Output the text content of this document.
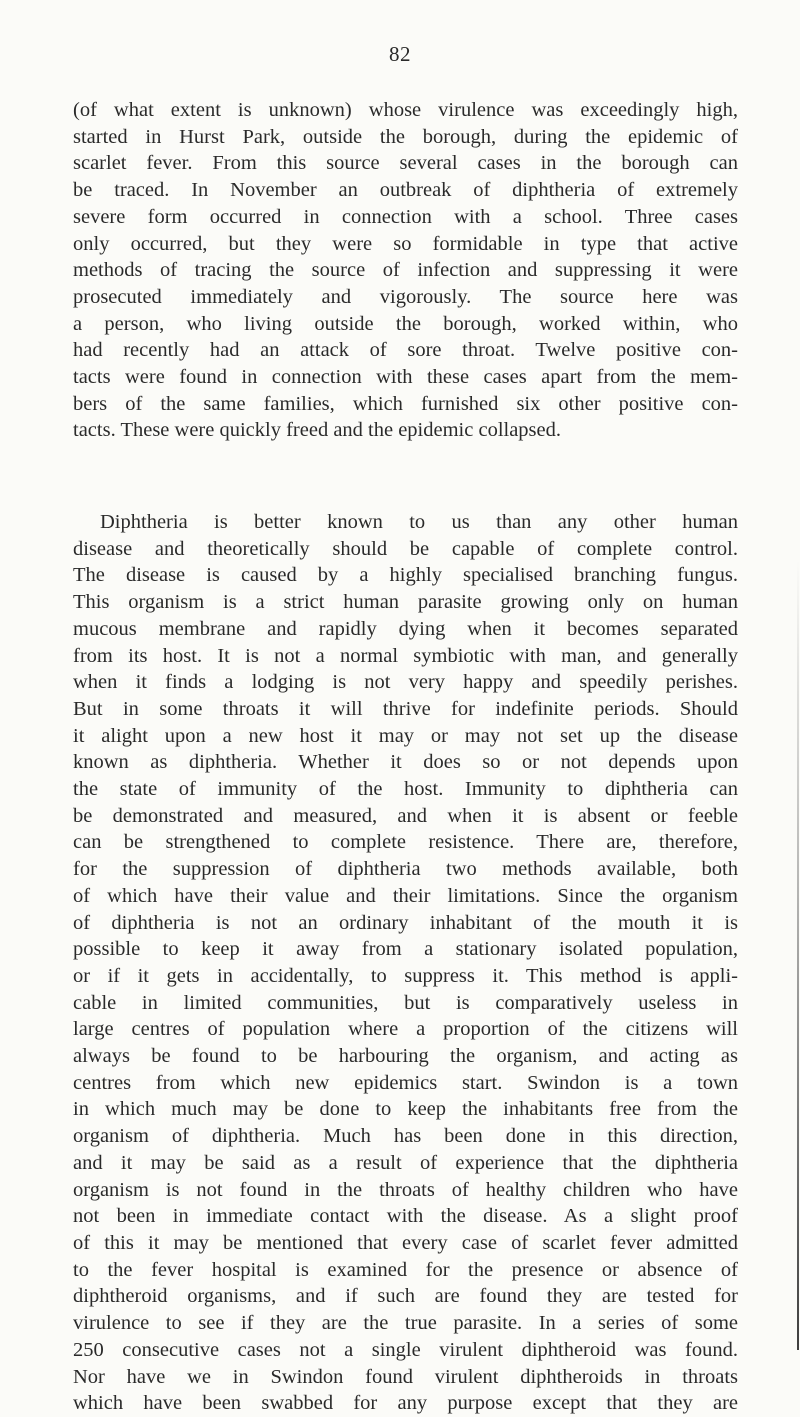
82

(of what extent is unknown) whose virulence was exceedingly high,
started in Hurst Park, outside the borough, during the epidemic of
scarlet fever. From this source several cases in the borough can
be traced. In November an outbreak of diphtheria of extremely
severe form occurred in connection with a school. Three cases
only occurred, but they were so formidable in type that active
methods of tracing the source of infection and suppressing it were
prosecuted immediately and vigorously. The source here was
a person, who living outside the borough, worked within, who
had recently had an attack of sore throat. Twelve positive con-
tacts were found in connection with these cases apart from the mem-
bers of the same families, which furnished six other positive con-
tacts. These were quickly freed and the epidemic collapsed.

Diphtheria is better known to us than any other human
disease and theoretically should be capable of complete control.
The disease is caused by a highly specialised branching fungus.
This organism is a strict human parasite growing only on human
mucous membrane and rapidly dying when it becomes separated
from its host. It is not a normal symbiotic with man, and generally
when it finds a lodging is not very happy and speedily perishes.
But in some throats it will thrive for indefinite periods. Should
it alight upon a new host it may or may not set up the disease
known as diphtheria. Whether it does so or not depends upon
the state of immunity of the host. Immunity to diphtheria can
be demonstrated and measured, and when it is absent or feeble
can be strengthened to complete resistence. There are, therefore,
for the suppression of diphtheria two methods available, both
of which have their value and their limitations. Since the organism
of diphtheria is not an ordinary inhabitant of the mouth it is
possible to keep it away from a stationary isolated population,
or if it gets in accidentally, to suppress it. This method is appli-
cable in limited communities, but is comparatively useless in
large centres of population where a proportion of the citizens will
always be found to be harbouring the organism, and acting as
centres from which new epidemics start. Swindon is a town
in which much may be done to keep the inhabitants free from the
organism of diphtheria. Much has been done in this direction,
and it may be said as a result of experience that the diphtheria
organism is not found in the throats of healthy children who have
not been in immediate contact with the disease. As a slight proof
of this it may be mentioned that every case of scarlet fever admitted
to the fever hospital is examined for the presence or absence of
diphtheroid organisms, and if such are found they are tested for
virulence to see if they are the true parasite. In a series of some
250 consecutive cases not a single virulent diphtheroid was found.
Nor have we in Swindon found virulent diphtheroids in throats
which have been swabbed for any purpose except that they are
